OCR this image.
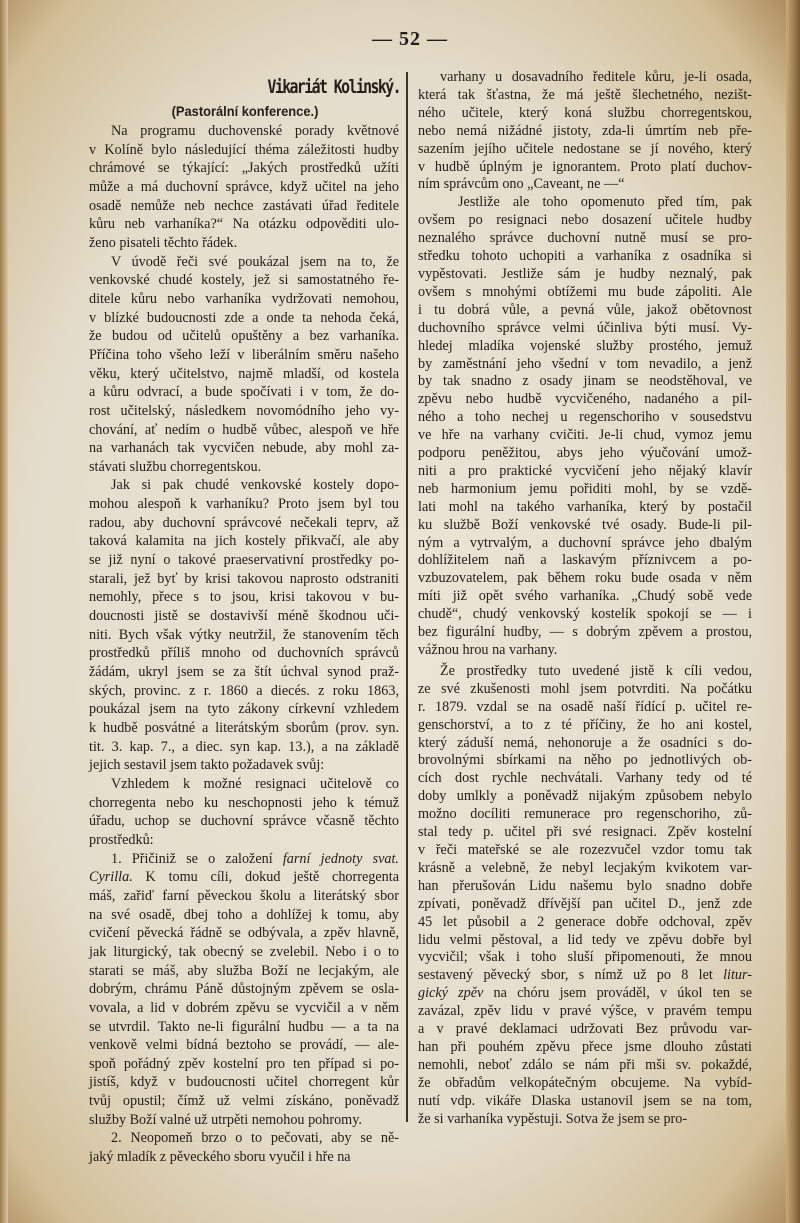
— 52 —
Vikariát Kolinský.
(Pastorální konference.)
Na programu duchovenské porady květnové
v Kolíně bylo následující théma záležitosti hudby
chrámové se týkající: „Jakých prostředků užíti
může a má duchovní správce, když učitel na jeho
osadě nemůže neb nechce zastávati úřad ředitele
kůru neb varhaníka?“ Na otázku odpověditi ulo-
ženo pisateli těchto řádek.
V úvodě řeči své poukázal jsem na to, že
venkovské chudé kostely, jež si samostatného ře-
ditele kůru nebo varhaníka vydržovati nemohou,
v blízké budoucnosti zde a onde ta nehoda čeká,
že budou od učitelů opuštěny a bez varhaníka.
Příčina toho všeho leží v liberálním směru našeho
věku, který učitelstvo, najmě mladší, od kostela
a kůru odvrací, a bude spočívati i v tom, že do-
rost učitelský, následkem novomódního jeho vy-
chování, ať nedím o hudbě vůbec, alespoň ve hře
na varhanách tak vycvičen nebude, aby mohl za-
stávati službu chorregentskou.
Jak si pak chudé venkovské kostely dopo-
mohou alespoň k varhaníku? Proto jsem byl tou
radou, aby duchovní správcové nečekali teprv, až
taková kalamita na jich kostely přikvačí, ale aby
se již nyní o takové praeservativní prostředky po-
starali, jež byť by krisi takovou naprosto odstraniti
nemohly, přece s to jsou, krisi takovou v bu-
doucnosti jistě se dostavivší méně škodnou uči-
niti. Bych však výtky neutržil, že stanovením těch
prostředků příliš mnoho od duchovních správců
žádám, ukryl jsem se za štít úchval synod praž-
ských, provinc. z r. 1860 a diecés. z roku 1863,
poukázal jsem na tyto zákony církevní vzhledem
k hudbě posvátné a literátským sborům (prov. syn.
tit. 3. kap. 7., a diec. syn kap. 13.), a na základě
jejich sestavil jsem takto požadavek svůj:
Vzhledem k možné resignaci učitelově co
chorregenta nebo ku neschopnosti jeho k témuž
úřadu, uchop se duchovní správce včasně těchto
prostředků:
1. Přičiniž se o založení farní jednoty svat.
Cyrilla. K tomu cíli, dokud ještě chorregenta
máš, zařiď farní pěveckou školu a literátský sbor
na své osadě, dbej toho a dohlížej k tomu, aby
cvičení pěvecká řádně se odbývala, a zpěv hlavně,
jak liturgický, tak obecný se zvelebil. Nebo i o to
starati se máš, aby služba Boží ne lecjakým, ale
dobrým, chrámu Páně důstojným zpěvem se osla-
vovala, a lid v dobrém zpěvu se vycvičil a v něm
se utvrdil. Takto ne-li figurální hudbu — a ta na
venkově velmi bídná beztoho se provádí, — ale-
spoň pořádný zpěv kostelní pro ten případ si po-
jistíš, když v budoucnosti učitel chorregent kůr
tvůj opustil; čímž už velmi získáno, poněvadž
služby Boží valné už utrpěti nemohou pohromy.
2. Neopomeň brzo o to pečovati, aby se ně-
jaký mladík z pěveckého sboru vyučil i hře na
varhany u dosavadního ředitele kůru, je-li osada,
která tak šťastna, že má ještě šlechetného, nezišt-
ného učitele, který koná službu chorregentskou,
nebo nemá nižádné jistoty, zda-li úmrtím neb pře-
sazením jejího učitele nedostane se jí nového, který
v hudbě úplným je ignorantem. Proto platí duchov-
ním správcům ono „Caveant, ne —“
Jestliže ale toho opomenuto před tím, pak
ovšem po resignaci nebo dosazení učitele hudby
neznalého správce duchovní nutně musí se pro-
středku tohoto uchopiti a varhaníka z osadníka si
vypěstovati. Jestliže sám je hudby neznalý, pak
ovšem s mnohými obtížemi mu bude zápoliti. Ale
i tu dobrá vůle, a pevná vůle, jakož obětovnost
duchovního správce velmi účinliva býti musí. Vy-
hledej mladíka vojenské služby prostého, jemuž
by zaměstnání jeho všední v tom nevadilo, a jenž
by tak snadno z osady jinam se neodstěhoval, ve
zpěvu nebo hudbě vycvičeného, nadaného a pil-
ného a toho nechej u regenschoriho v sousedstvu
ve hře na varhany cvičiti. Je-li chud, vymoz jemu
podporu peněžitou, abys jeho výučování umož-
niti a pro praktické vycvičení jeho nějaký klavír
neb harmonium jemu pořiditi mohl, by se vzdě-
lati mohl na takého varhaníka, který by postačil
ku službě Boží venkovské tvé osady. Bude-li pil-
ným a vytrvalým, a duchovní správce jeho dbalým
dohlížitelem naň a laskavým příznivcem a po-
vzbuzovatelem, pak během roku bude osada v něm
míti již opět svého varhaníka. „Chudý sobě vede
chudě“, chudý venkovský kostelík spokojí se — i
bez figurální hudby, — s dobrým zpěvem a prostou,
vážnou hrou na varhany.
Že prostředky tuto uvedené jistě k cíli vedou,
ze své zkušenosti mohl jsem potvrditi. Na počátku
r. 1879. vzdal se na osadě naší řídící p. učitel re-
genschorství, a to z té příčiny, že ho ani kostel,
který záduší nemá, nehonoruje a že osadníci s do-
brovolnými sbírkami na něho po jednotlivých ob-
cích dost rychle nechvátali. Varhany tedy od té
doby umlkly a poněvadž nijakým způsobem nebylo
možno docíliti remunerace pro regenschoriho, zů-
stal tedy p. učitel při své resignaci. Zpěv kostelní
v řeči mateřské se ale rozezvučel vzdor tomu tak
krásně a velebně, že nebyl lecjakým kvikotem var-
han přerušován Lidu našemu bylo snadno dobře
zpívati, poněvadž dřívější pan učitel D., jenž zde
45 let působil a 2 generace dobře odchoval, zpěv
lidu velmi pěstoval, a lid tedy ve zpěvu dobře byl
vycvičil; však i toho sluší připomenouti, že mnou
sestavený pěvecký sbor, s nímž už po 8 let litur-
gický zpěv na chóru jsem prováděl, v úkol ten se
zavázal, zpěv lidu v pravé výšce, v pravém tempu
a v pravé deklamaci udržovati Bez průvodu var-
han při pouhém zpěvu přece jsme dlouho zůstati
nemohli, neboť zdálo se nám při mši sv. pokaždé,
že obřadům velkopátečným obcujeme. Na vybíd-
nutí vdp. vikáře Dlaska ustanovil jsem se na tom,
že si varhaníka vypěstuji. Sotva že jsem se pro-
